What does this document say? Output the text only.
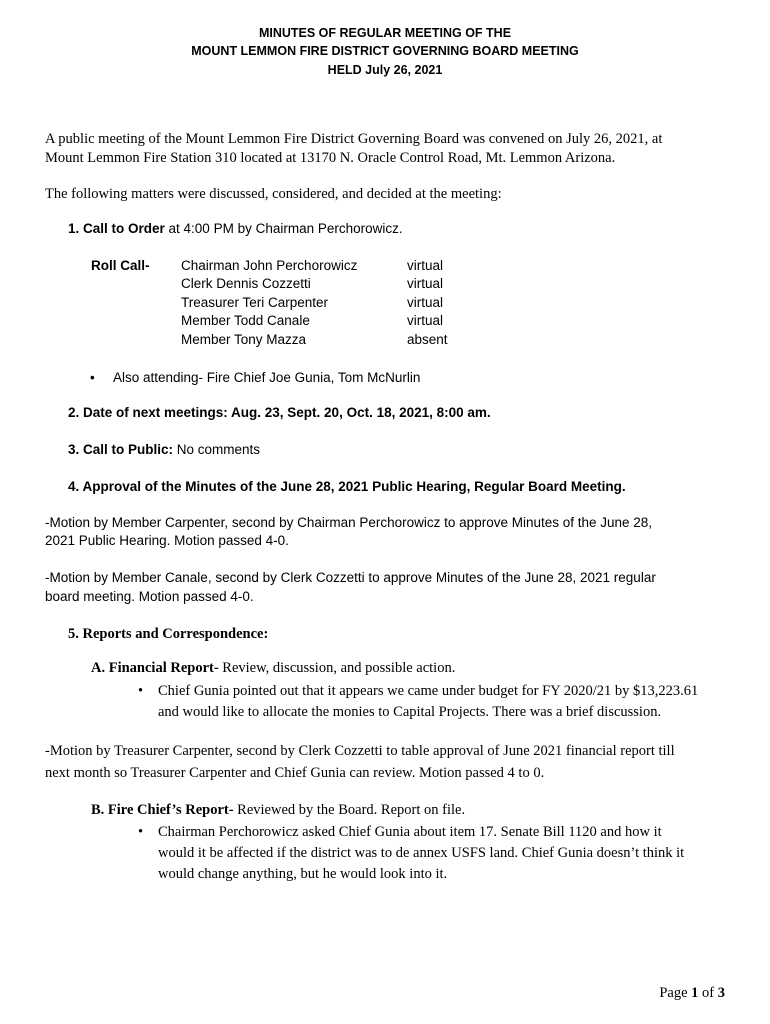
MINUTES OF REGULAR MEETING OF THE
MOUNT LEMMON FIRE DISTRICT GOVERNING BOARD MEETING
HELD July 26, 2021
A public meeting of the Mount Lemmon Fire District Governing Board was convened on July 26, 2021, at
Mount Lemmon Fire Station 310 located at 13170 N. Oracle Control Road, Mt. Lemmon Arizona.
The following matters were discussed, considered, and decided at the meeting:
1. Call to Order at 4:00 PM by Chairman Perchorowicz.
Roll Call- Chairman John Perchorowicz	virtual
Clerk Dennis Cozzetti	virtual
Treasurer Teri Carpenter	virtual
Member Todd Canale	virtual
Member Tony Mazza	absent
• Also attending- Fire Chief Joe Gunia, Tom McNurlin
2. Date of next meetings: Aug. 23, Sept. 20, Oct. 18, 2021, 8:00 am.
3. Call to Public: No comments
4. Approval of the Minutes of the June 28, 2021 Public Hearing, Regular Board Meeting.
-Motion by Member Carpenter, second by Chairman Perchorowicz to approve Minutes of the June 28,
2021 Public Hearing. Motion passed 4-0.
-Motion by Member Canale, second by Clerk Cozzetti to approve Minutes of the June 28, 2021 regular
board meeting. Motion passed 4-0.
5. Reports and Correspondence:
A. Financial Report- Review, discussion, and possible action.
• Chief Gunia pointed out that it appears we came under budget for FY 2020/21 by $13,223.61
and would like to allocate the monies to Capital Projects. There was a brief discussion.
-Motion by Treasurer Carpenter, second by Clerk Cozzetti to table approval of June 2021 financial report till
next month so Treasurer Carpenter and Chief Gunia can review. Motion passed 4 to 0.
B. Fire Chief’s Report- Reviewed by the Board. Report on file.
• Chairman Perchorowicz asked Chief Gunia about item 17. Senate Bill 1120 and how it
would it be affected if the district was to de annex USFS land. Chief Gunia doesn’t think it
would change anything, but he would look into it.
Page 1 of 3
